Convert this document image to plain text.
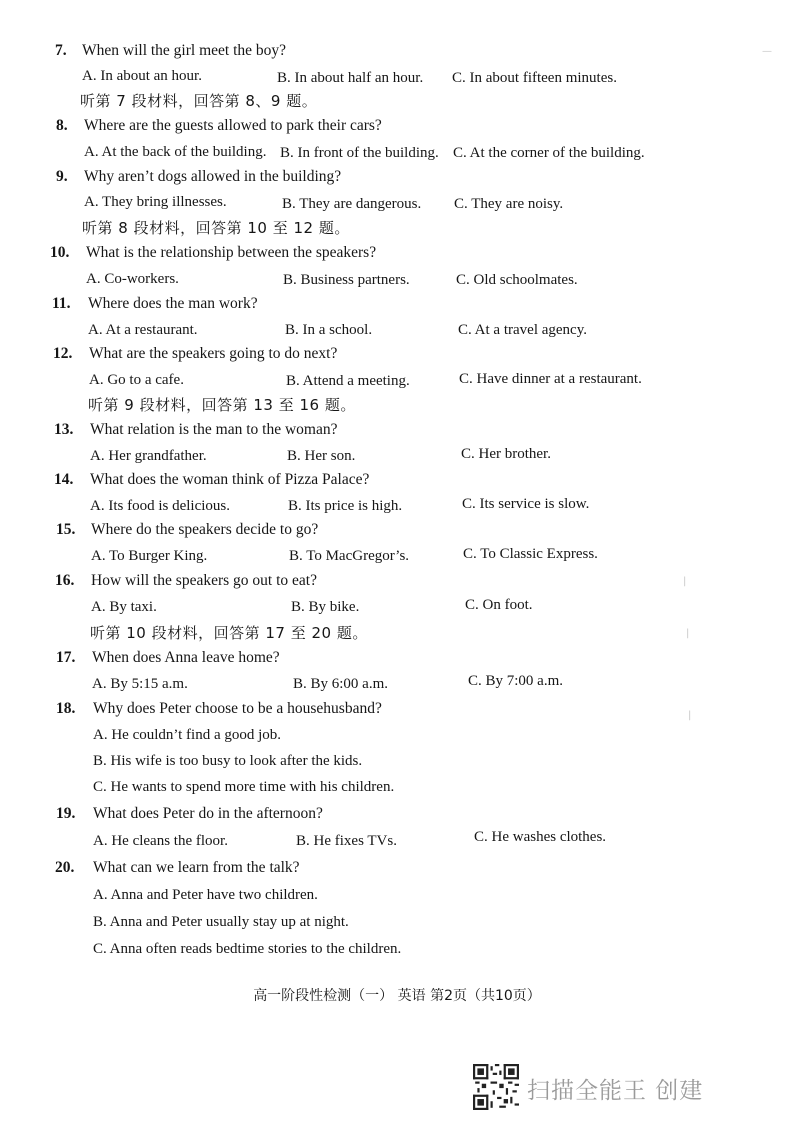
7. When will the girl meet the boy?
A. In about an hour.	B. In about half an hour. C. In about fifteen minutes.
听第 7 段材料，回答第 8、9 题。
8. Where are the guests allowed to park their cars?
A. At the back of the building. B. In front of the building. C. At the corner of the building.
9. Why aren’t dogs allowed in the building?
A. They bring illnesses.	B. They are dangerous. C. They are noisy.
听第 8 段材料，回答第 10 至 12 题。
10. What is the relationship between the speakers?
A. Co-workers.	B. Business partners.	C. Old schoolmates.
11. Where does the man work?
A. At a restaurant.	B. In a school.	C. At a travel agency.
12. What are the speakers going to do next?
A. Go to a cafe.	B. Attend a meeting.	C. Have dinner at a restaurant.
听第 9 段材料，回答第 13 至 16 题。
13. What relation is the man to the woman?
A. Her grandfather.	B. Her son.	C. Her brother.
14. What does the woman think of Pizza Palace?
A. Its food is delicious.	B. Its price is high.	C. Its service is slow.
15. Where do the speakers decide to go?
A. To Burger King.	B. To MacGregor’s.	C. To Classic Express.
16. How will the speakers go out to eat?
A. By taxi.	B. By bike.	C. On foot.
听第 10 段材料，回答第 17 至 20 题。
17. When does Anna leave home?
A. By 5:15 a.m.	B. By 6:00 a.m.	C. By 7:00 a.m.
18. Why does Peter choose to be a househusband?
A. He couldn’t find a good job.
B. His wife is too busy to look after the kids.
C. He wants to spend more time with his children.
19. What does Peter do in the afternoon?
A. He cleans the floor.	B. He fixes TVs.	C. He washes clothes.
20. What can we learn from the talk?
A. Anna and Peter have two children.
B. Anna and Peter usually stay up at night.
C. Anna often reads bedtime stories to the children.
—
|
|
|
高一阶段性检测（一） 英语 第2页（共10页）
扫描全能王 创建
